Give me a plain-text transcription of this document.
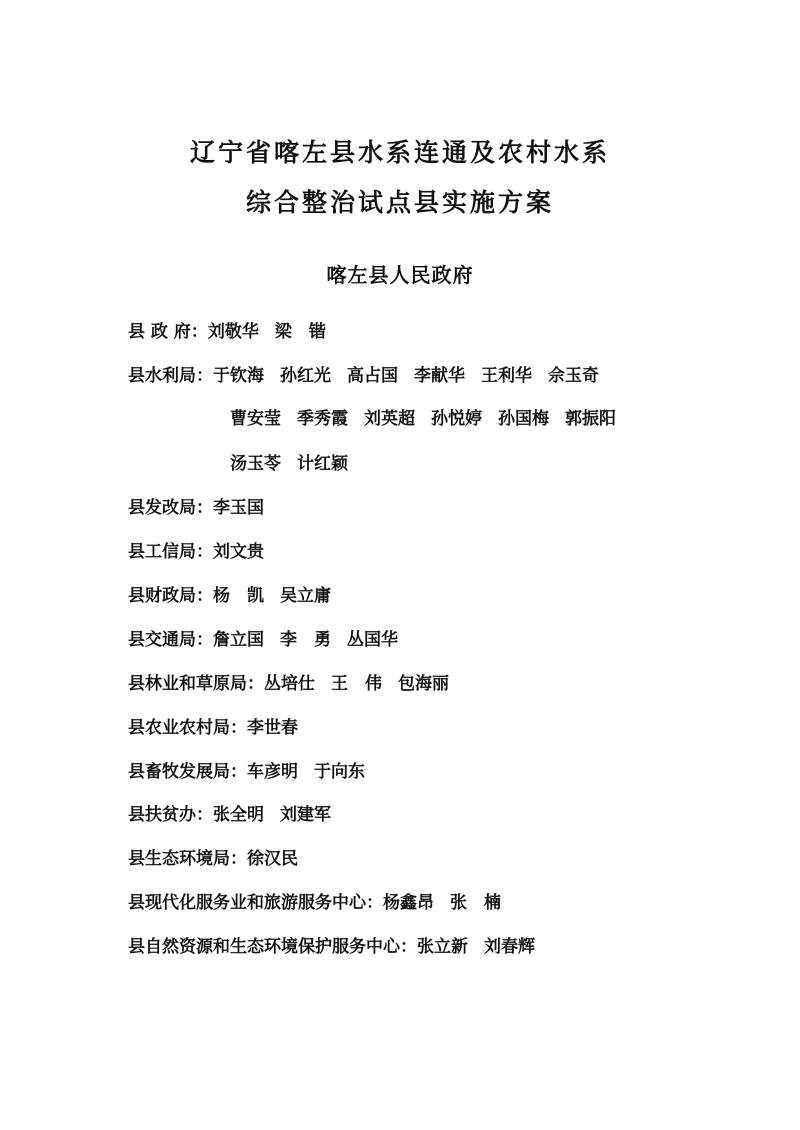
辽宁省喀左县水系连通及农村水系
综合整治试点县实施方案
喀左县人民政府
县 政 府：刘敬华 梁　锴
县水利局：于钦海 孙红光 高占国 李献华 王利华 佘玉奇
曹安莹 季秀霞 刘英超 孙悦婷 孙国梅 郭振阳
汤玉苓 计红颖
县发改局：李玉国
县工信局：刘文贵
县财政局：杨　凯 吴立庸
县交通局：詹立国 李　勇 丛国华
县林业和草原局：丛培仕 王　伟 包海丽
县农业农村局：李世春
县畜牧发展局：车彦明 于向东
县扶贫办：张全明 刘建军
县生态环境局：徐汉民
县现代化服务业和旅游服务中心：杨鑫昂 张　楠
县自然资源和生态环境保护服务中心：张立新 刘春辉
